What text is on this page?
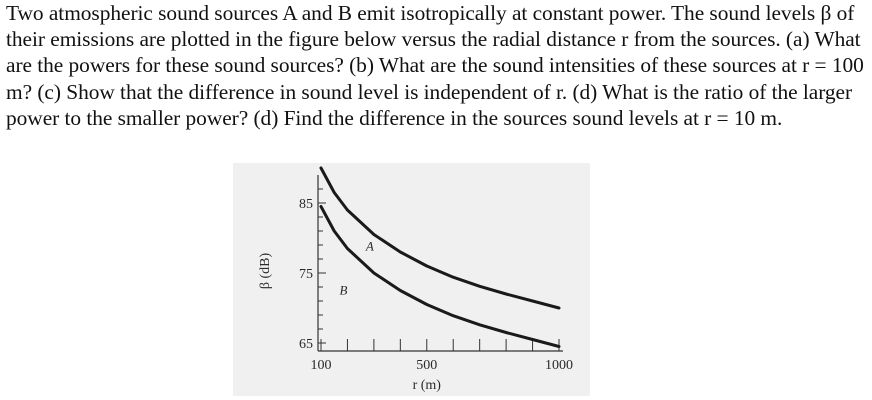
Two atmospheric sound sources A and B emit isotropically at constant power. The sound levels β of their emissions are plotted in the figure below versus the radial distance r from the sources. (a) What are the powers for these sound sources? (b) What are the sound intensities of these sources at r = 100 m? (c) Show that the difference in sound level is independent of r. (d) What is the ratio of the larger power to the smaller power? (d) Find the difference in the sources sound levels at r = 10 m.
65
75
85
100	500	1000
A
B
r (m)
β (dB)
